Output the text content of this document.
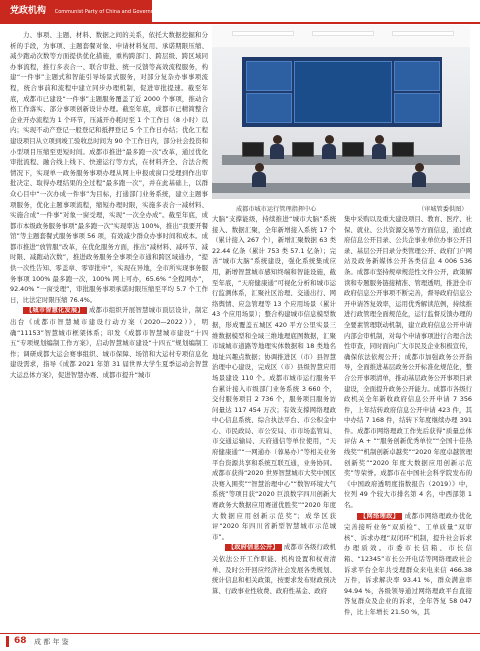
党政机构 Communist Party of China and Government Institutions »»»

力、事项、主题、材料、数据之间的关系，依托大数据挖掘和分析的手段，为事项、主题套餐对象、申请材料复用、承诺期限压缩、减少跑动次数等方面提供优化措施，重构跨部门、跨层级、跨区域同办事流程，推行多表合一、联合审批、统一反馈等高效流程服务，构建“一件事”主题式和智能引导场景式服务，对部分复杂办事事项流程，统合事前和流程中建立同步办理机制，促进审批提速。截至年底，成都市已建设“一件事”主题服务覆盖了近 2000 个事项，推动合格工作落实、部分事项创新设计办理。截至年底，成都市已精简整合企业开办流程为 1 个环节，压减开办耗时至 1 个工作日（8 小时）以内；实现不动产登记一般登记和抵押登记 5 个工作日办结；优化工程建设项目从立项到竣工验收总时间为 90 个工作日内，部分社会投资和小型项目压缩至更短时间。成都市推进“最多跑一次”改革，通过优化审批流程、融合线上线下、快速运行等方式，在材料齐全、合法合规情况下，实现单一政务服务事项办理从网上申报或窗口受理到作出审批决定、取得办理结果的全过程“最多跑一次”，并在此基础上，以群众心目中“一次办成一件事”为目标，打通部门业务系统，建立主题事项服务，优化主题事项流程，缩短办理时限，实施多表合一减材料、实施合成“一件事”对象一窗受理，实现“一次全办成”。截至年底，成都市本级政务服务事项“最多跑一次”实现率达 100%，推出“我要开餐馆”等主题套餐式服务事项 56 项，有效减少群众办事时间和成本。成都市推进“放管服”改革，在优化服务方面，推出“减材料、减环节、减时限、减跑动次数”，推进政务服务全事项全市通和跨区域通办，“提供一次性告知、零盖章、零审批申”，实现在异地，全市所实现事务服务事项 100% 最多跑一次，100% 网上可办，65.6% “全程网办”，92.40% “一窗受理”，审批服务事项承诺时限压缩至平均 5.7 个工作日，比法定时限压缩 76.4%。

【城市智慧化发展】 成都市组织开展智慧城市顶层设计，制定出台《成都市智慧城市建设行动方案（2020—2022）》，明确“11153”智慧城市框架体系；印发《成都市智慧城市建设“十四五”专项规划编制工作方案》，启动智慧城市建设“十四五”规划编制工作；调研成都大运会赛事组织、城市保障、场馆和大运村专项信息化建设需求，指导《成都 2021 年第 31 届世界大学生夏季运动会智慧大运总体方案》，促进智慧办赛、成都市提升“城市

成都市城市运行管理指挥中心	（审城管委供图）

大脑”支撑能级，持续推进“城市大脑”系统接入、数据汇聚，全年新增接入系统 17 个（累计接入 267 个），新增汇聚数据 63 类 22.44 亿条（累计 753 类 57.1 亿条）；完善“城市大脑”系统建设，强化系统集成应用，新增智慧城市感知终端和智能设施，截至年底，“天府健康通”可视化分析和城市运行监测体系，汇聚社区治理、交通出行、网络舆情、应急管理等 13 个应用场景（累计 43 个应用场景）；整合构建城市信息模型数据，形成覆盖五城区 420 平方公里实景三维数据模型和全域三维地理底图数据，汇聚市域城市道路等地理实体数据和 18 类地名地址兴趣点数据；协调推进区（市）县智慧治理中心建设，完成区（市）县级智慧应用场景建设 110 个。成都市城市运行服务平台累计接入市级部门业务系统 3 660 个，交付服务项目 2 736 个，服务项目服务访问量达 117 454 万次；有效支撑网络理政中心信息系统、综合执法平台、市公积金中心、市民政局、市公安局、市市场监管局、市交通运输局、天府通信等单位使用，“天府健康通”“一网通办（蓉易办）”等相关业务平台资源共享和系统互联互通，业务协同。成都市获得“2020 世界智慧城市大奖中国区决赛入围奖”“智慧治理中心”“数智环境大气系统”等项目获“2020 巨浪数字四川创新大赛政务大数据应用赛道优胜奖”“2020 年度大数据应用创新示范奖”；成华区获评“2020 年四川省新型智慧城市示范城市”。

【政府信息公开】 成都市各级行政机关依法公开工作职能、机构设置和权责清单、及时公开回应经济社会发展各类规划、统计信息和相关政策，按要求发布财政预决算、行政事业性收费、政府性基金、政府

集中采购以及重大建设项目、教育、医疗、社保、就业、公共资源交易等方面信息，通过政府信息公开目录、公共企事业单位办事公开目录、基层公开目录分类管理公开、政府门户网站及政务新媒体公开各类信息 4 006 536 条。成都市坚持规章规范性文件公开，政策解读和专题服务链接精准、管理透明，推进全市政府信息公开事项不断完善，督导政府信息公开申请答复效率，运用优秀解读范例，持续推进行政管理全面规范化，运行监督反馈办理的全要素管理联动机制，建立政府信息公开申请内部会审机制，对每个申请事项进行合理合法性审查，同时面向广大市民及企业积极宣传，确保依法依规公开；成都市加强政务公开指导，全面推进基层政务公开标准化规范化，整合公开事项清单，推动基层政务公开事项目录建设，全面提升政务公开能力。成都市各级行政机关全年新收政府信息公开申请 7 356 件，上年结转政府信息公开申请 423 件，其中办结 7 168 件，结转下年度继续办理 391 件。成都市网络理政工作先后获得“质量总体评估 A + ”“服务创新优秀单位”“全国十佳热线奖”“机制创新卓越奖”“2020 年度卓越管理创新奖”“2020 年度大数据应用创新示范奖”等荣誉。成都市在中国社会科学院发布的《中国政府透明度指数报告（2019）》中，位列 49 个较大市排名第 4 名，中西部第 1 名。

【网络理政】 成都市网络理政办优化完善接听业务“双质检”、工单质量“双审核”、诉求办理“双闭环”机制，提升社会诉求办理质效。市委市长信箱、市长信箱、“12345”市长公开电话等网络理政社会诉求平台全年共受理群众来电来信 466.38 万件，诉求解决率 93.41 %，群众满意率 94.94 %，各级领导通过网络理政平台直接答复群众及企业的诉求，全年答复 58 047 件，比上年增长 21.50 %，其

68 成 都 年 鉴
